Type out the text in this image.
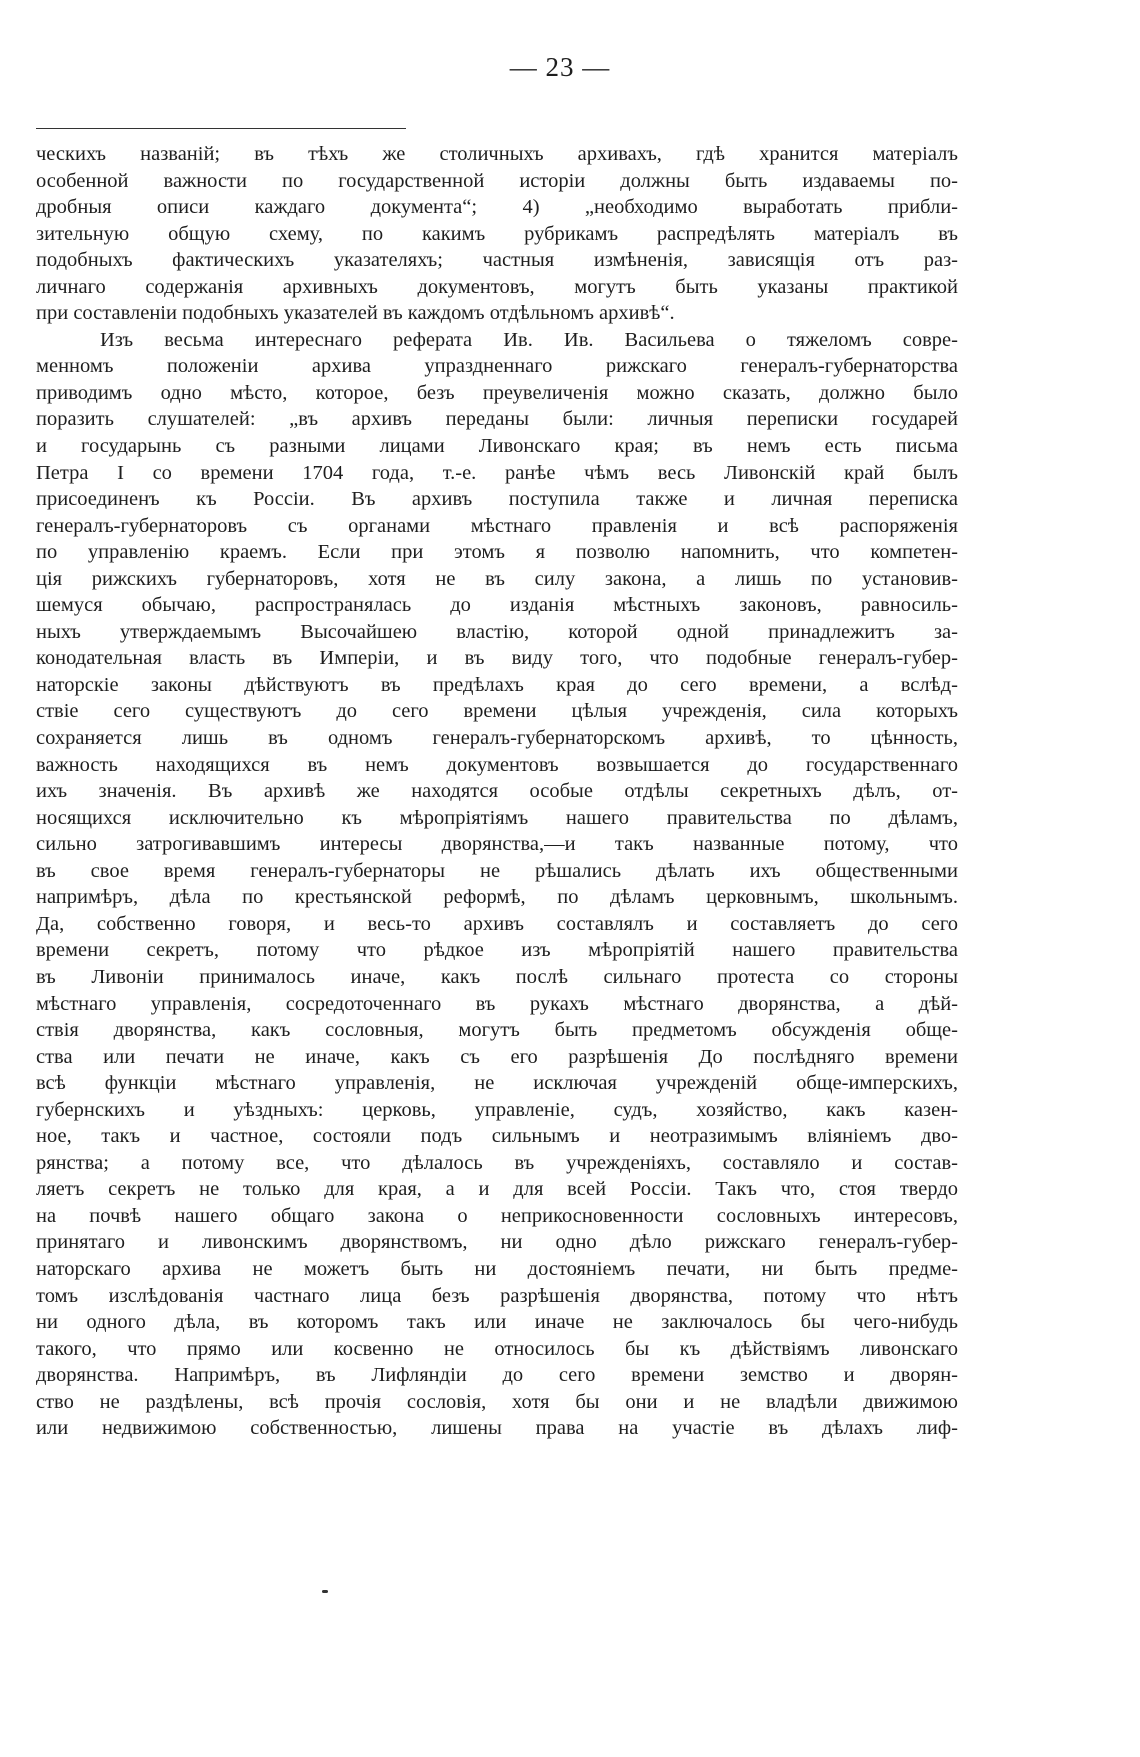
— 23 —
ческихъ названій; въ тѣхъ же столичныхъ архивахъ, гдѣ хранится матеріалъ
особенной важности по государственной исторіи должны быть издаваемы по-
дробныя описи каждаго документа“; 4) „необходимо выработать прибли-
зительную общую схему, по какимъ рубрикамъ распредѣлять матеріалъ въ
подобныхъ фактическихъ указателяхъ; частныя измѣненія, зависящія отъ раз-
личнаго содержанія архивныхъ документовъ, могутъ быть указаны практикой
при составленіи подобныхъ указателей въ каждомъ отдѣльномъ архивѣ“.
Изъ весьма интереснаго реферата Ив. Ив. Васильева о тяжеломъ совре-
менномъ положеніи архива упраздненнаго рижскаго генералъ-губернаторства
приводимъ одно мѣсто, которое, безъ преувеличенія можно сказать, должно было
поразить слушателей: „въ архивъ переданы были: личныя переписки государей
и государынь съ разными лицами Ливонскаго края; въ немъ есть письма
Петра I со времени 1704 года, т.-е. ранѣе чѣмъ весь Ливонскій край былъ
присоединенъ къ Россіи. Въ архивъ поступила также и личная переписка
генералъ-губернаторовъ съ органами мѣстнаго правленія и всѣ распоряженія
по управленію краемъ. Если при этомъ я позволю напомнить, что компетен-
ція рижскихъ губернаторовъ, хотя не въ силу закона, а лишь по установив-
шемуся обычаю, распространялась до изданія мѣстныхъ законовъ, равносиль-
ныхъ утверждаемымъ Высочайшею властію, которой одной принадлежитъ за-
конодательная власть въ Имперіи, и въ виду того, что подобные генералъ-губер-
наторскіе законы дѣйствуютъ въ предѣлахъ края до сего времени, а вслѣд-
ствіе сего существуютъ до сего времени цѣлыя учрежденія, сила которыхъ
сохраняется лишь въ одномъ генералъ-губернаторскомъ архивѣ, то цѣнность,
важность находящихся въ немъ документовъ возвышается до государственнаго
ихъ значенія. Въ архивѣ же находятся особые отдѣлы секретныхъ дѣлъ, от-
носящихся исключительно къ мѣропріятіямъ нашего правительства по дѣламъ,
сильно затрогивавшимъ интересы дворянства,—и такъ названные потому, что
въ свое время генералъ-губернаторы не рѣшались дѣлать ихъ общественными
напримѣръ, дѣла по крестьянской реформѣ, по дѣламъ церковнымъ, школьнымъ.
Да, собственно говоря, и весь-то архивъ составлялъ и составляетъ до сего
времени секретъ, потому что рѣдкое изъ мѣропріятій нашего правительства
въ Ливоніи принималось иначе, какъ послѣ сильнаго протеста со стороны
мѣстнаго управленія, сосредоточеннаго въ рукахъ мѣстнаго дворянства, а дѣй-
ствія дворянства, какъ сословныя, могутъ быть предметомъ обсужденія обще-
ства или печати не иначе, какъ съ его разрѣшенія До послѣдняго времени
всѣ функціи мѣстнаго управленія, не исключая учрежденій общe-имперскихъ,
губернскихъ и уѣздныхъ: церковь, управленіе, судъ, хозяйство, какъ казен-
ное, такъ и частное, состояли подъ сильнымъ и неотразимымъ вліяніемъ дво-
рянства; а потому все, что дѣлалось въ учрежденіяхъ, составляло и состав-
ляетъ секретъ не только для края, а и для всей Россіи. Такъ что, стоя твердо
на почвѣ нашего общаго закона о неприкосновенности сословныхъ интересовъ,
принятаго и ливонскимъ дворянствомъ, ни одно дѣло рижскаго генералъ-губер-
наторскаго архива не можетъ быть ни достояніемъ печати, ни быть предме-
томъ изслѣдованія частнаго лица безъ разрѣшенія дворянства, потому что нѣтъ
ни одного дѣла, въ которомъ такъ или иначе не заключалось бы чего-нибудь
такого, что прямо или косвенно не относилось бы къ дѣйствіямъ ливонскаго
дворянства. Напримѣръ, въ Лифляндіи до сего времени земство и дворян-
ство не раздѣлены, всѣ прочія сословія, хотя бы они и не владѣли движимою
или недвижимою собственностью, лишены права на участіе въ дѣлахъ лиф-
